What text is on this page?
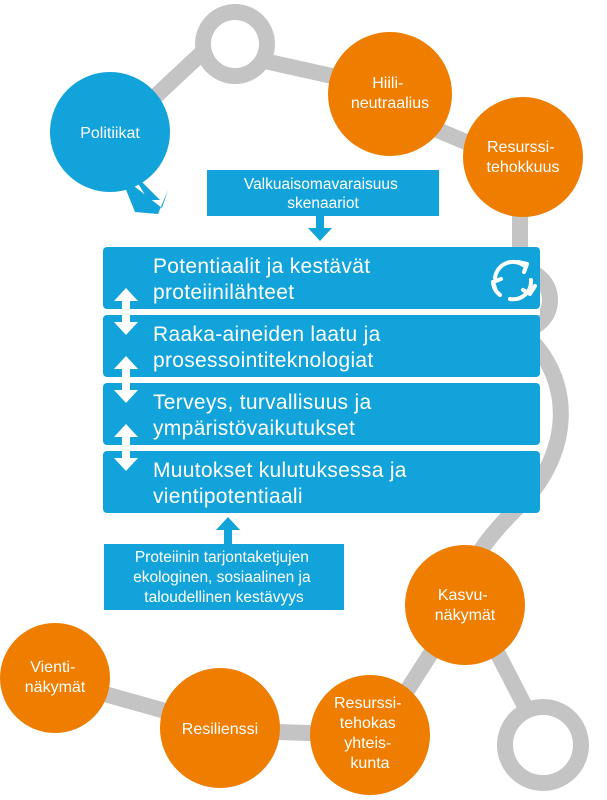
Politiikat
Hiili- neutraalius
Resurssi- tehokkuus
Kasvu- näkymät
Vienti- näkymät
Resilienssi
Resurssi- tehokas yhteis- kunta
Valkuaisomavaraisuus skenaariot
Potentiaalit ja kestävät proteiinilähteet
Raaka-aineiden laatu ja prosessointiteknologiat
Terveys, turvallisuus ja ympäristövaikutukset
Muutokset kulutuksessa ja vientipotentiaali
Proteiinin tarjontaketjujen ekologinen, sosiaalinen ja taloudellinen kestävyys
